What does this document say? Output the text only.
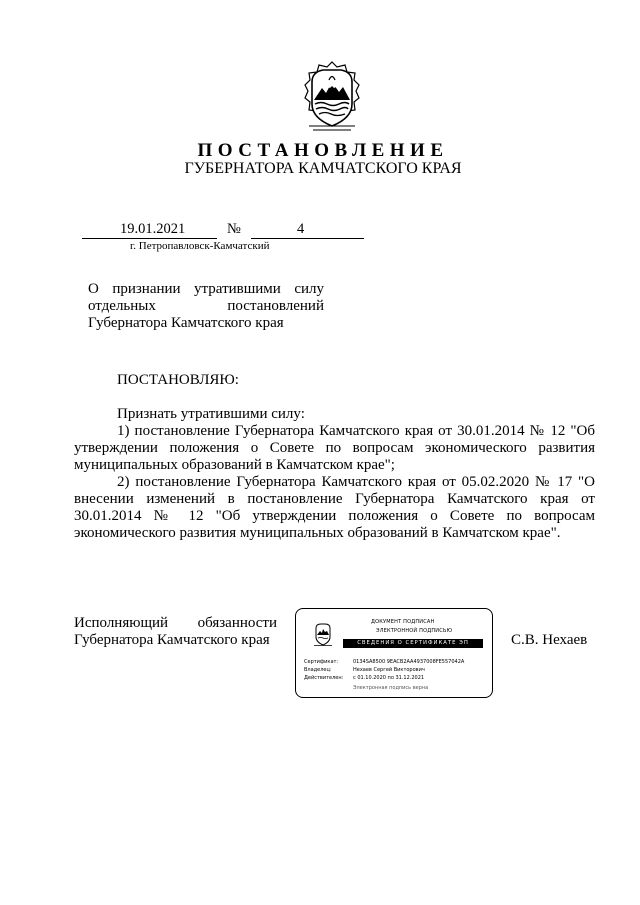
ПОСТАНОВЛЕНИЕ
ГУБЕРНАТОРА КАМЧАТСКОГО КРАЯ
19.01.2021	№	4
г. Петропавловск-Камчатский
О признании утратившими силу
отдельных постановлений
Губернатора Камчатского края
ПОСТАНОВЛЯЮ:

Признать утратившими силу:

1) постановление Губернатора Камчатского края от 30.01.2014 № 12 "Об утверждении положения о Совете по вопросам экономического развития муниципальных образований в Камчатском крае";

2) постановление Губернатора Камчатского края от 05.02.2020 № 17 "О внесении изменений в постановление Губернатора Камчатского края от 30.01.2014 № 12 "Об утверждении положения о Совете по вопросам экономического развития муниципальных образований в Камчатском крае".

Исполняющий обязанности
Губернатора Камчатского края
ДОКУМЕНТ ПОДПИСАН
ЭЛЕКТРОННОЙ ПОДПИСЬЮ
СВЕДЕНИЯ О СЕРТИФИКАТЕ ЭП
Сертификат:	0134SA8500 9EACB2AA4937008FE557042A
Владелец:	Нехаев Сергей Викторович
Действителен: с 01.10.2020 по 31.12.2021
Электронная подпись верна
С.В. Нехаев
